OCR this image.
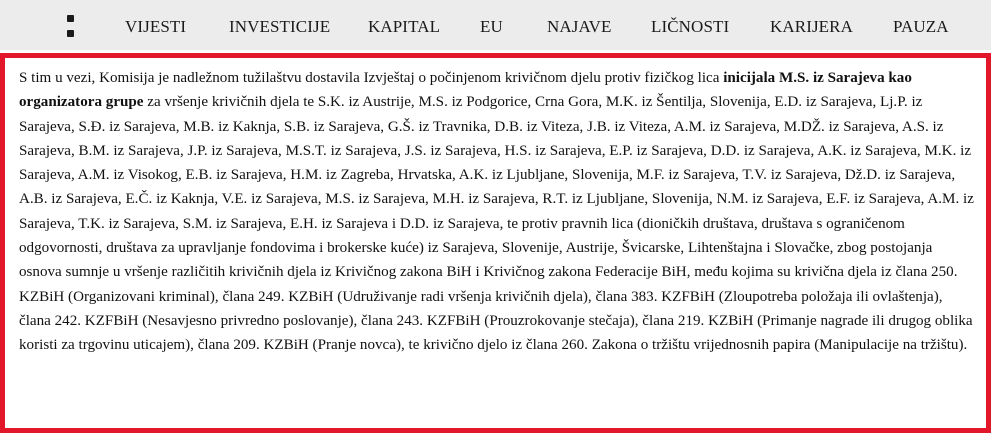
VIJESTI	INVESTICIJE KAPITAL EU	NAJAVE LIČNOSTI KARIJERA PAUZA

S tim u vezi, Komisija je nadležnom tužilaštvu dostavila Izvještaj o počinjenom krivičnom djelu protiv fizičkog lica inicijala M.S. iz Sarajeva kao organizatora grupe za vršenje krivičnih djela te S.K. iz Austrije, M.S. iz Podgorice, Crna Gora, M.K. iz Šentilja, Slovenija, E.D. iz Sarajeva, Lj.P. iz Sarajeva, S.Đ. iz Sarajeva, M.B. iz Kaknja, S.B. iz Sarajeva, G.Š. iz Travnika, D.B. iz Viteza, J.B. iz Viteza, A.M. iz Sarajeva, M.DŽ. iz Sarajeva, A.S. iz Sarajeva, B.M. iz Sarajeva, J.P. iz Sarajeva, M.S.T. iz Sarajeva, J.S. iz Sarajeva, H.S. iz Sarajeva, E.P. iz Sarajeva, D.D. iz Sarajeva, A.K. iz Sarajeva, M.K. iz Sarajeva, A.M. iz Visokog, E.B. iz Sarajeva, H.M. iz Zagreba, Hrvatska, A.K. iz Ljubljane, Slovenija, M.F. iz Sarajeva, T.V. iz Sarajeva, Dž.D. iz Sarajeva, A.B. iz Sarajeva, E.Č. iz Kaknja, V.E. iz Sarajeva, M.S. iz Sarajeva, M.H. iz Sarajeva, R.T. iz Ljubljane, Slovenija, N.M. iz Sarajeva, E.F. iz Sarajeva, A.M. iz Sarajeva, T.K. iz Sarajeva, S.M. iz Sarajeva, E.H. iz Sarajeva i D.D. iz Sarajeva, te protiv pravnih lica (dioničkih društava, društava s ograničenom odgovornosti, društava za upravljanje fondovima i brokerske kuće) iz Sarajeva, Slovenije, Austrije, Švicarske, Lihtenštajna i Slovačke, zbog postojanja osnova sumnje u vršenje različitih krivičnih djela iz Krivičnog zakona BiH i Krivičnog zakona Federacije BiH, među kojima su krivična djela iz člana 250. KZBiH (Organizovani kriminal), člana 249. KZBiH (Udruživanje radi vršenja krivičnih djela), člana 383. KZFBiH (Zloupotreba položaja ili ovlaštenja), člana 242. KZFBiH (Nesavjesno privredno poslovanje), člana 243. KZFBiH (Prouzrokovanje stečaja), člana 219. KZBiH (Primanje nagrade ili drugog oblika koristi za trgovinu uticajem), člana 209. KZBiH (Pranje novca), te krivično djelo iz člana 260. Zakona o tržištu vrijednosnih papira (Manipulacije na tržištu).
